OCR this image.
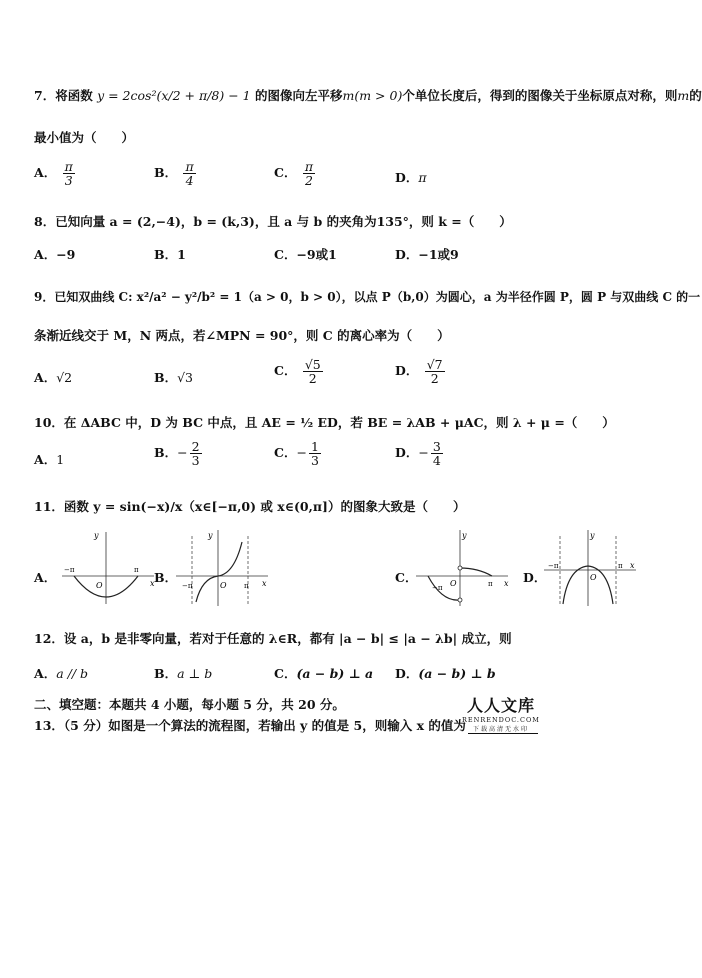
7．将函数 y = 2cos²(x/2 + π/8) − 1 的图像向左平移m(m > 0)个单位长度后，得到的图像关于坐标原点对称，则m的
最小值为（　　）
A． $\frac{\pi}{3}$	B． $\frac{\pi}{4}$	C． $\frac{\pi}{2}$	D．π
8．已知向量 a = (2,−4)，b = (k,3)，且 a 与 b 的夹角为135°，则 k =（　　）
A．−9	B．1	C．−9或1	D．−1或9
9．已知双曲线 C: x²/a² − y²/b² = 1（a > 0，b > 0），以点 P（b,0）为圆心，a 为半径作圆 P，圆 P 与双曲线 C 的一
条渐近线交于 M，N 两点，若∠MPN = 90°，则 C 的离心率为（　　）
A．√2	B．√3	C． $\frac{√5}{2}$	D． $\frac{√7}{2}$
10．在 ΔABC 中，D 为 BC 中点，且 AE = ½ ED，若 BE = λAB + μAC，则 λ + μ =（　　）
A．1	B．− $\frac{2}{3}$	C．− $\frac{1}{3}$	D．− $\frac{3}{4}$
11．函数 y = sin(−x)/x（x∈[−π,0) 或 x∈(0,π]）的图象大致是（　　）
A．
y
x
O
−π	π B．
y
x
O
−π	π
C．
y
x
O
−π	π D．
y
x
O
−π	π
12．设 a，b 是非零向量，若对于任意的 λ∈R，都有 |a − b| ≤ |a − λb| 成立，则
A．a // b	B．a ⊥ b	C．(a − b) ⊥ a D．(a − b) ⊥ b
二、填空题：本题共 4 小题，每小题 5 分，共 20 分。
13．（5 分）如图是一个算法的流程图，若输出 y 的值是 5，则输入 x 的值为
人人文库
RENRENDOC.COM
下载高清无水印
